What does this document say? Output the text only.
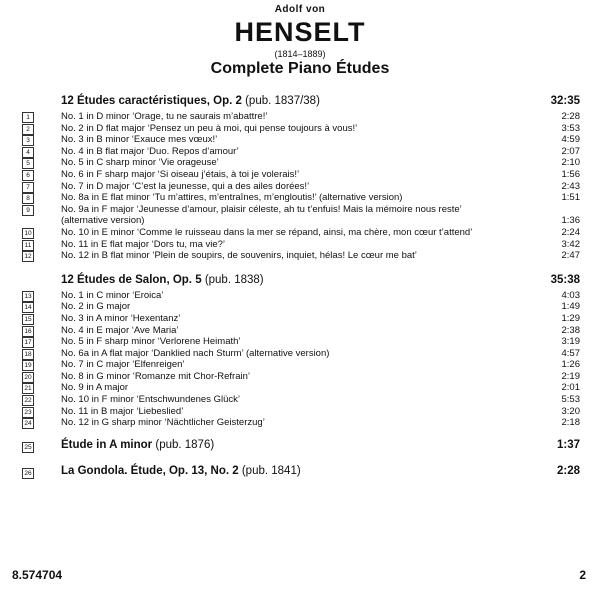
Adolf von
HENSELT
(1814–1889)
Complete Piano Études
12 Études caractéristiques, Op. 2 (pub. 1837/38)	32:35
1	No. 1 in D minor ‘Orage, tu ne saurais m’abattre!’	2:28
2	No. 2 in D flat major ‘Pensez un peu à moi, qui pense toujours à vous!’	3:53
3	No. 3 in B minor ‘Exauce mes vœux!’	4:59
4	No. 4 in B flat major ‘Duo. Repos d’amour’	2:07
5	No. 5 in C sharp minor ‘Vie orageuse’	2:10
6	No. 6 in F sharp major ‘Si oiseau j’étais, à toi je volerais!’	1:56
7	No. 7 in D major ‘C’est la jeunesse, qui a des ailes dorées!’	2:43
8	No. 8a in E flat minor ‘Tu m’attires, m’entraînes, m’engloutis!’ (alternative version)	1:51
9	No. 9a in F major ‘Jeunesse d’amour, plaisir céleste, ah tu t’enfuis! Mais la mémoire nous reste’ (alternative version)	1:36
10	No. 10 in E minor ‘Comme le ruisseau dans la mer se répand, ainsi, ma chère, mon cœur t’attend’	2:24
11	No. 11 in E flat major ‘Dors tu, ma vie?’	3:42
12	No. 12 in B flat minor ‘Plein de soupirs, de souvenirs, inquiet, hélas! Le cœur me bat’	2:47
12 Études de Salon, Op. 5 (pub. 1838)	35:38
13	No. 1 in C minor ‘Eroica’	4:03
14	No. 2 in G major	1:49
15	No. 3 in A minor ‘Hexentanz’	1:29
16	No. 4 in E major ‘Ave Maria’	2:38
17	No. 5 in F sharp minor ‘Verlorene Heimath’	3:19
18	No. 6a in A flat major ‘Danklied nach Sturm’ (alternative version)	4:57
19	No. 7 in C major ‘Elfenreigen’	1:26
20	No. 8 in G minor ‘Romanze mit Chor-Refrain’	2:19
21	No. 9 in A major	2:01
22	No. 10 in F minor ‘Entschwundenes Glück’	5:53
23	No. 11 in B major ‘Liebeslied’	3:20
24	No. 12 in G sharp minor ‘Nächtlicher Geisterzug’	2:18
25	Étude in A minor (pub. 1876)	1:37
26	La Gondola. Étude, Op. 13, No. 2 (pub. 1841)	2:28
8.574704	2
